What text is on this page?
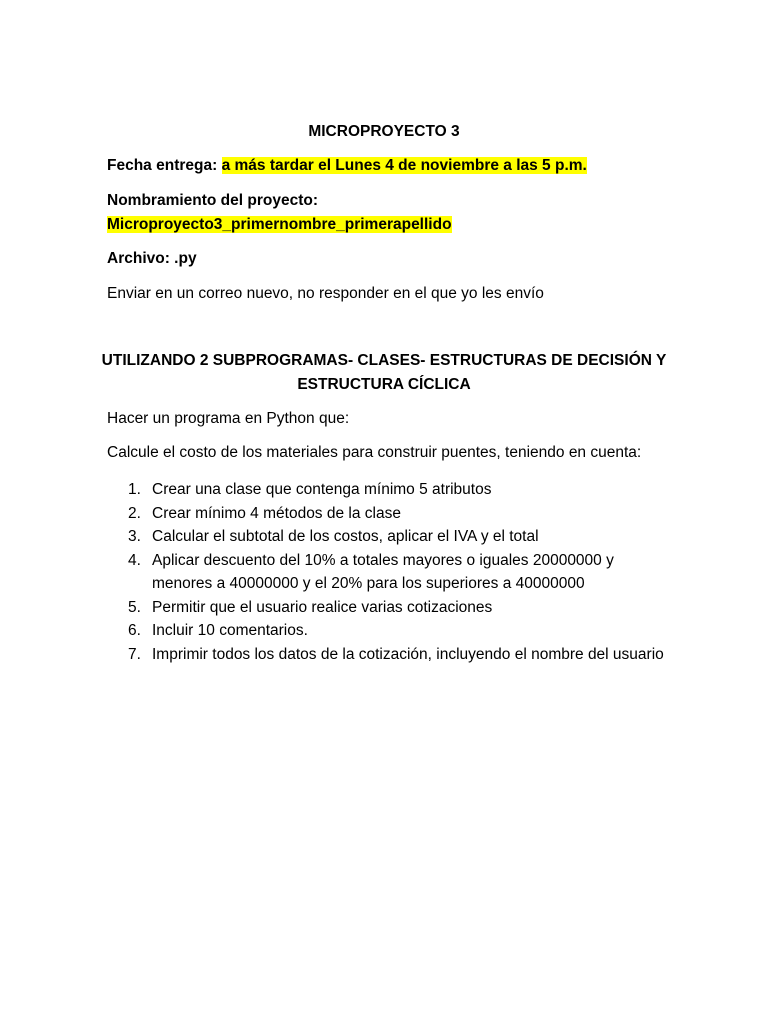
MICROPROYECTO 3
Fecha entrega: a más tardar el Lunes 4 de noviembre a las 5 p.m.
Nombramiento del proyecto:
Microproyecto3_primernombre_primerapellido
Archivo: .py
Enviar en un correo nuevo, no responder en el que yo les envío
UTILIZANDO 2 SUBPROGRAMAS- CLASES- ESTRUCTURAS DE DECISIÓN Y
ESTRUCTURA CÍCLICA
Hacer un programa en Python que:
Calcule el costo de los materiales para construir puentes, teniendo en cuenta:
1. Crear una clase que contenga mínimo 5 atributos
2. Crear mínimo 4 métodos de la clase
3. Calcular el subtotal de los costos, aplicar el IVA y el total
4. Aplicar descuento del 10% a totales mayores o iguales 20000000 y menores a 40000000 y el 20% para los superiores a 40000000
5. Permitir que el usuario realice varias cotizaciones
6. Incluir 10 comentarios.
7. Imprimir todos los datos de la cotización, incluyendo el nombre del usuario
